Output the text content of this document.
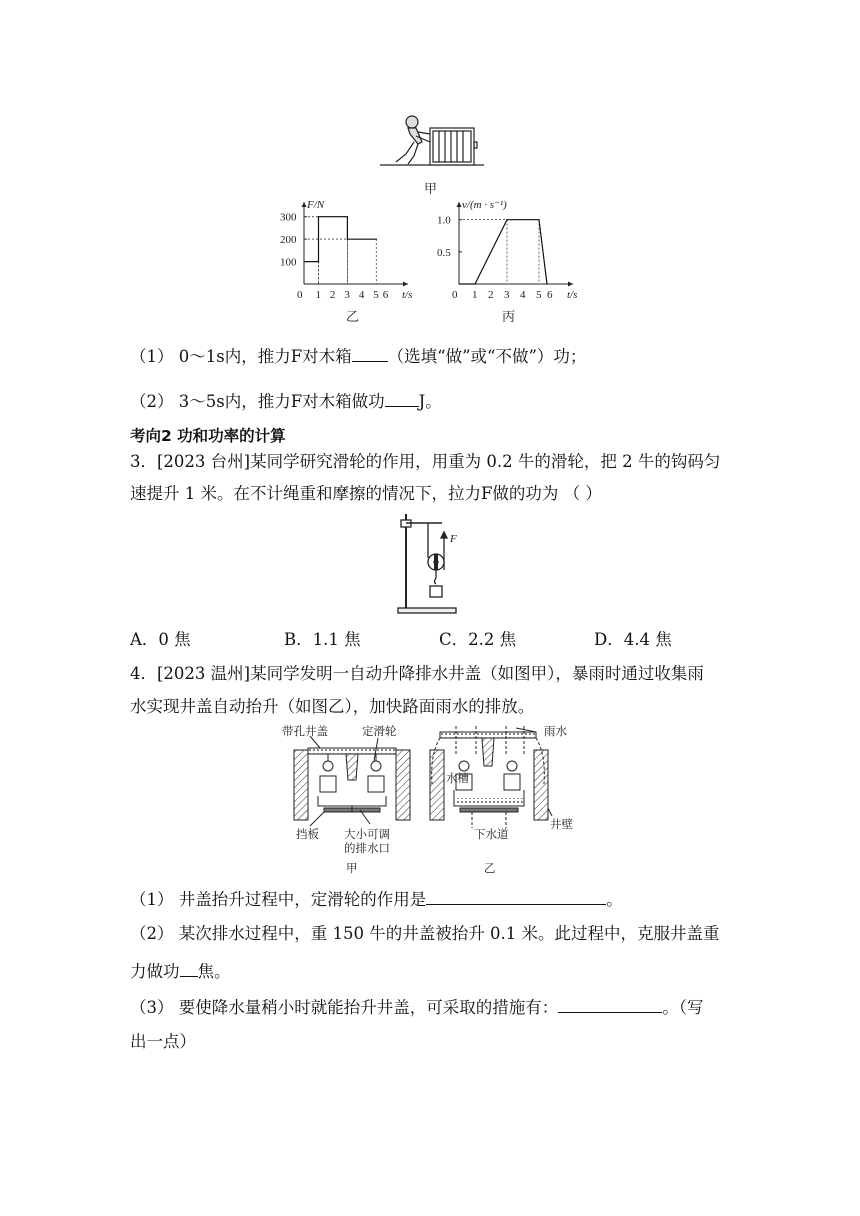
甲
F/N
t/s
0 1 2 3 4 5 6
300
200
100
乙
v/(m · s⁻¹)
t/s
0 1 2 3 4 5 6
1.0
0.5
丙
（1） 0～1s内，推力F对木箱 （选填“做”或“不做”）功；
（2） 3～5s内，推力F对木箱做功 J。
考向2 功和功率的计算
3．[2023 台州]某同学研究滑轮的作用，用重为 0.2 牛的滑轮，把 2 牛的钩码匀
速提升 1 米。在不计绳重和摩擦的情况下，拉力F做的功为 （ ）
F
A．0 焦	B．1.1 焦	C．2.2 焦	D．4.4 焦
4．[2023 温州]某同学发明一自动升降排水井盖（如图甲），暴雨时通过收集雨
水实现井盖自动抬升（如图乙），加快路面雨水的排放。
带孔井盖	定滑轮	雨水
水槽
井壁
挡板 大小可调
的排水口
下水道
甲	乙
（1） 井盖抬升过程中，定滑轮的作用是	。
（2） 某次排水过程中，重 150 牛的井盖被抬升 0.1 米。此过程中，克服井盖重
力做功 焦。
（3） 要使降水量稍小时就能抬升井盖，可采取的措施有：	。（写
出一点）
